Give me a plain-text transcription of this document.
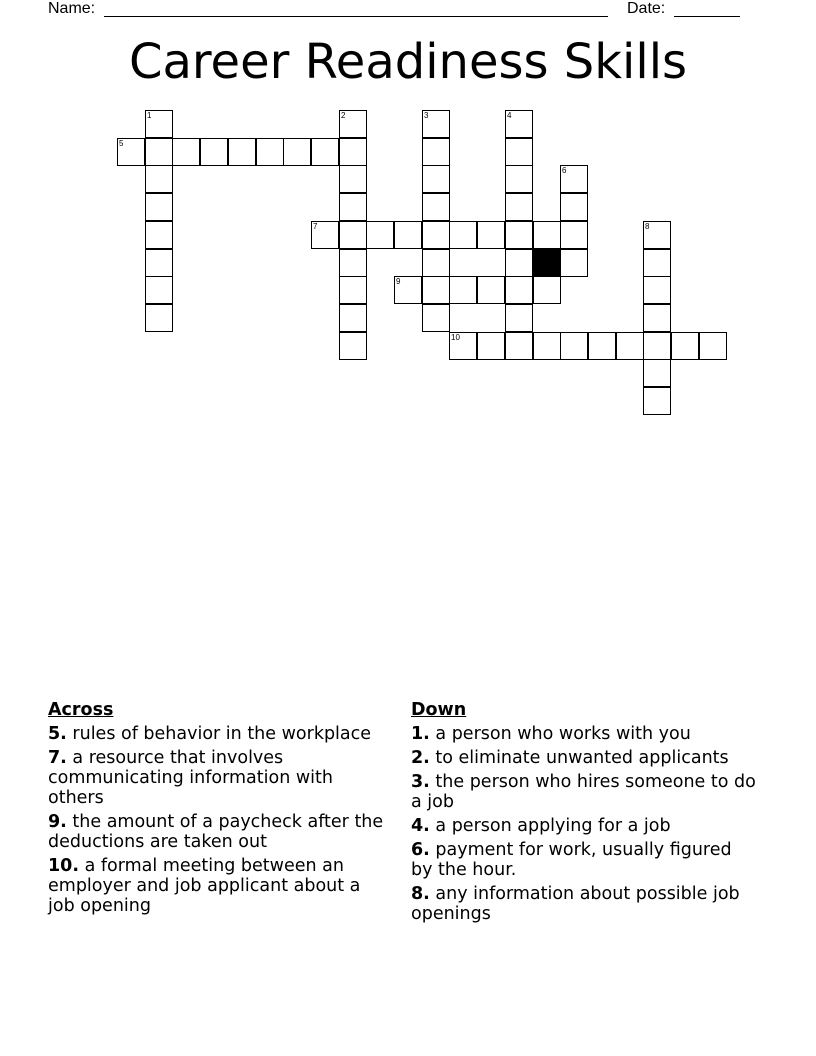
Name:	Date:
Career Readiness Skills
5
7
9
10
1	2	3	4
6
8
Across
5. rules of behavior in the workplace
7. a resource that involves communicating information with others
9. the amount of a paycheck after the deductions are taken out
10. a formal meeting between an employer and job applicant about a job opening
Down
1. a person who works with you
2. to eliminate unwanted applicants
3. the person who hires someone to do a job
4. a person applying for a job
6. payment for work, usually figured by the hour.
8. any information about possible job openings
